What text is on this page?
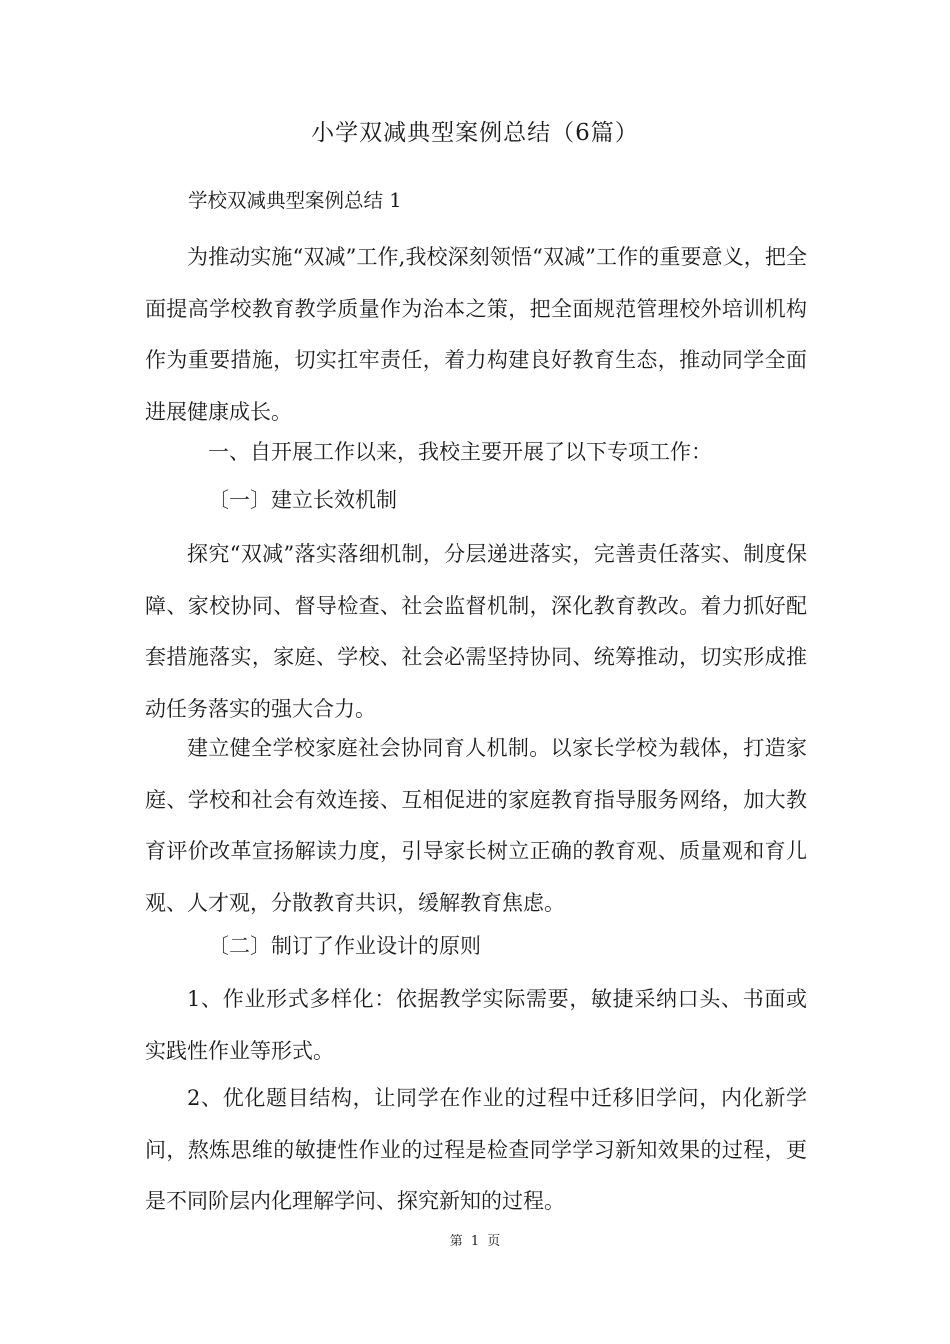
小学双减典型案例总结（6篇）
学校双减典型案例总结 1

为推动实施“双减”工作,我校深刻领悟“双减”工作的重要意义，把全面提高学校教育教学质量作为治本之策，把全面规范管理校外培训机构作为重要措施，切实扛牢责任，着力构建良好教育生态，推动同学全面进展健康成长。

一、自开展工作以来，我校主要开展了以下专项工作：

〔一〕建立长效机制

探究“双减”落实落细机制，分层递进落实，完善责任落实、制度保障、家校协同、督导检查、社会监督机制，深化教育教改。着力抓好配套措施落实，家庭、学校、社会必需坚持协同、统筹推动，切实形成推动任务落实的强大合力。

建立健全学校家庭社会协同育人机制。以家长学校为载体，打造家庭、学校和社会有效连接、互相促进的家庭教育指导服务网络，加大教育评价改革宣扬解读力度，引导家长树立正确的教育观、质量观和育儿观、人才观，分散教育共识，缓解教育焦虑。

〔二〕制订了作业设计的原则

1、作业形式多样化：依据教学实际需要，敏捷采纳口头、书面或实践性作业等形式。

2、优化题目结构，让同学在作业的过程中迁移旧学问，内化新学问，熬炼思维的敏捷性作业的过程是检查同学学习新知效果的过程，更是不同阶层内化理解学问、探究新知的过程。

第 1 页
